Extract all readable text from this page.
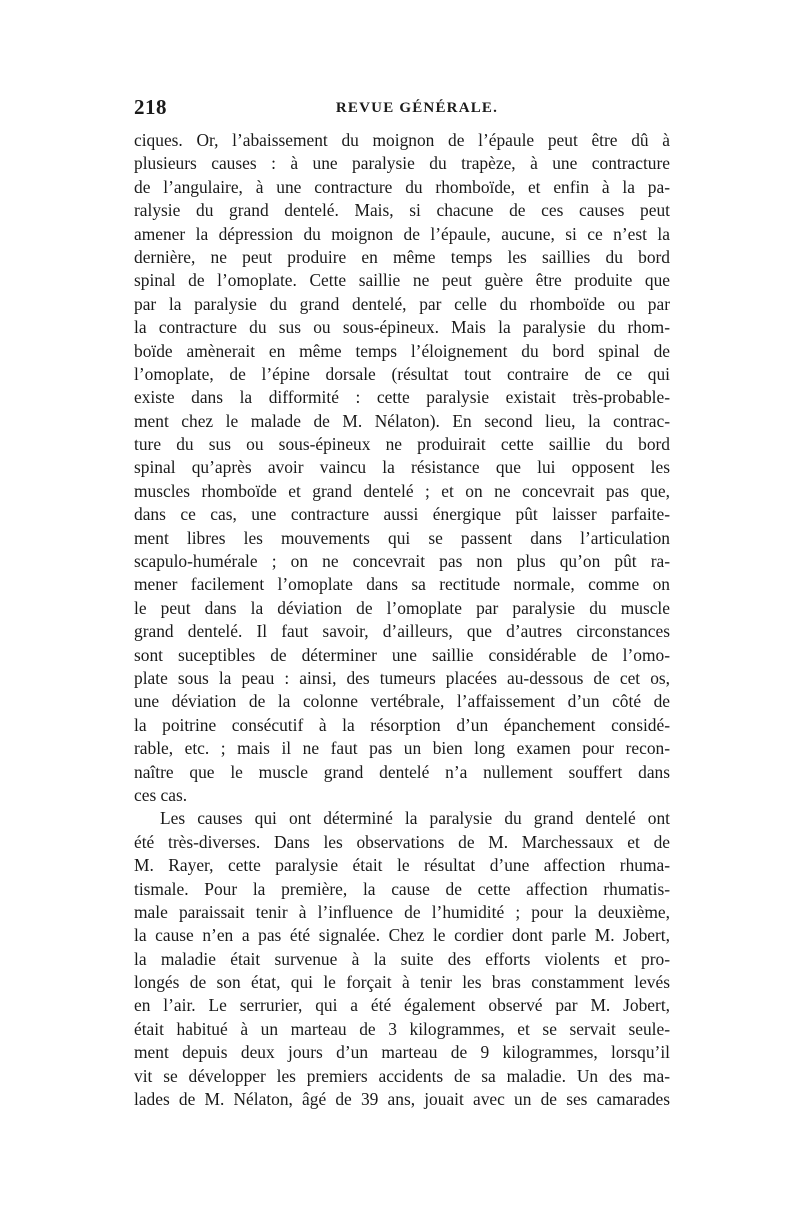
218	REVUE GÉNÉRALE.
ciques. Or, l’abaissement du moignon de l’épaule peut être dû à
plusieurs causes : à une paralysie du trapèze, à une contracture
de l’angulaire, à une contracture du rhomboïde, et enfin à la pa-
ralysie du grand dentelé. Mais, si chacune de ces causes peut
amener la dépression du moignon de l’épaule, aucune, si ce n’est la
dernière, ne peut produire en même temps les saillies du bord
spinal de l’omoplate. Cette saillie ne peut guère être produite que
par la paralysie du grand dentelé, par celle du rhomboïde ou par
la contracture du sus ou sous-épineux. Mais la paralysie du rhom-
boïde amènerait en même temps l’éloignement du bord spinal de
l’omoplate, de l’épine dorsale (résultat tout contraire de ce qui
existe dans la difformité : cette paralysie existait très-probable-
ment chez le malade de M. Nélaton). En second lieu, la contrac-
ture du sus ou sous-épineux ne produirait cette saillie du bord
spinal qu’après avoir vaincu la résistance que lui opposent les
muscles rhomboïde et grand dentelé ; et on ne concevrait pas que,
dans ce cas, une contracture aussi énergique pût laisser parfaite-
ment libres les mouvements qui se passent dans l’articulation
scapulo-humérale ; on ne concevrait pas non plus qu’on pût ra-
mener facilement l’omoplate dans sa rectitude normale, comme on
le peut dans la déviation de l’omoplate par paralysie du muscle
grand dentelé. Il faut savoir, d’ailleurs, que d’autres circonstances
sont suceptibles de déterminer une saillie considérable de l’omo-
plate sous la peau : ainsi, des tumeurs placées au-dessous de cet os,
une déviation de la colonne vertébrale, l’affaissement d’un côté de
la poitrine consécutif à la résorption d’un épanchement considé-
rable, etc. ; mais il ne faut pas un bien long examen pour recon-
naître que le muscle grand dentelé n’a nullement souffert dans
ces cas.
Les causes qui ont déterminé la paralysie du grand dentelé ont
été très-diverses. Dans les observations de M. Marchessaux et de
M. Rayer, cette paralysie était le résultat d’une affection rhuma-
tismale. Pour la première, la cause de cette affection rhumatis-
male paraissait tenir à l’influence de l’humidité ; pour la deuxième,
la cause n’en a pas été signalée. Chez le cordier dont parle M. Jobert,
la maladie était survenue à la suite des efforts violents et pro-
longés de son état, qui le forçait à tenir les bras constamment levés
en l’air. Le serrurier, qui a été également observé par M. Jobert,
était habitué à un marteau de 3 kilogrammes, et se servait seule-
ment depuis deux jours d’un marteau de 9 kilogrammes, lorsqu’il
vit se développer les premiers accidents de sa maladie. Un des ma-
lades de M. Nélaton, âgé de 39 ans, jouait avec un de ses camarades
